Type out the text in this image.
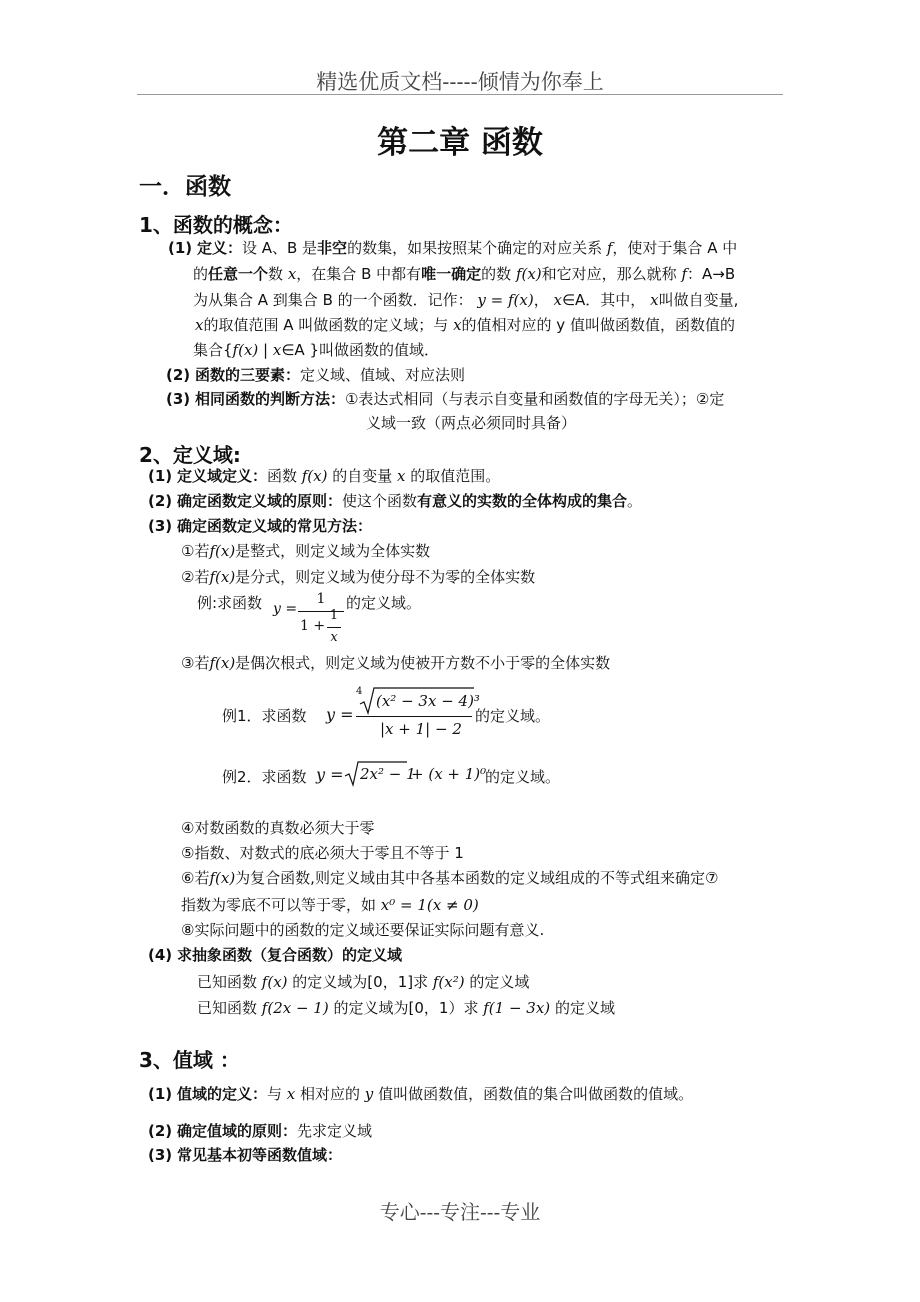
精选优质文档-----倾情为你奉上
第二章 函数
一．函数
1、函数的概念：
(1) 定义：设 A、B 是非空的数集，如果按照某个确定的对应关系 f，使对于集合 A 中
的任意一个数 x，在集合 B 中都有唯一确定的数 f(x)和它对应，那么就称 f：A→B
为从集合 A 到集合 B 的一个函数．记作： y = f(x)， x∈A．其中， x叫做自变量,
x的取值范围 A 叫做函数的定义域；与 x的值相对应的 y 值叫做函数值，函数值的
集合{f(x) | x∈A }叫做函数的值域．
(2) 函数的三要素：定义域、值域、对应法则
(3) 相同函数的判断方法：①表达式相同（与表示自变量和函数值的字母无关）；②定
义域一致（两点必须同时具备）
2、定义域:
(1) 定义域定义：函数 f(x) 的自变量 x 的取值范围。
(2) 确定函数定义域的原则：使这个函数有意义的实数的全体构成的集合。
(3) 确定函数定义域的常见方法：
①若f(x)是整式，则定义域为全体实数
②若f(x)是分式，则定义域为使分母不为零的全体实数
例:求函数 y =
1
1 +
1
x
的定义域。
③若f(x)是偶次根式，则定义域为使被开方数不小于零的全体实数
例1．求函数 y =
4
(x² − 3x − 4)³
|x + 1| − 2
的定义域。
例2．求函数 y = 2x² − 1
+ (x + 1)⁰
的定义域。
④对数函数的真数必须大于零
⑤指数、对数式的底必须大于零且不等于 1
⑥若f(x)为复合函数,则定义域由其中各基本函数的定义域组成的不等式组来确定⑦
指数为零底不可以等于零，如 x⁰ = 1(x ≠ 0)
⑧实际问题中的函数的定义域还要保证实际问题有意义.
(4) 求抽象函数（复合函数）的定义域
已知函数 f(x) 的定义域为[0，1]求 f(x²) 的定义域
已知函数 f(2x − 1) 的定义域为[0，1）求 f(1 − 3x) 的定义域
3、值域 ：
(1) 值域的定义：与 x 相对应的 y 值叫做函数值，函数值的集合叫做函数的值域。
(2) 确定值域的原则：先求定义域
(3) 常见基本初等函数值域：
专心---专注---专业
